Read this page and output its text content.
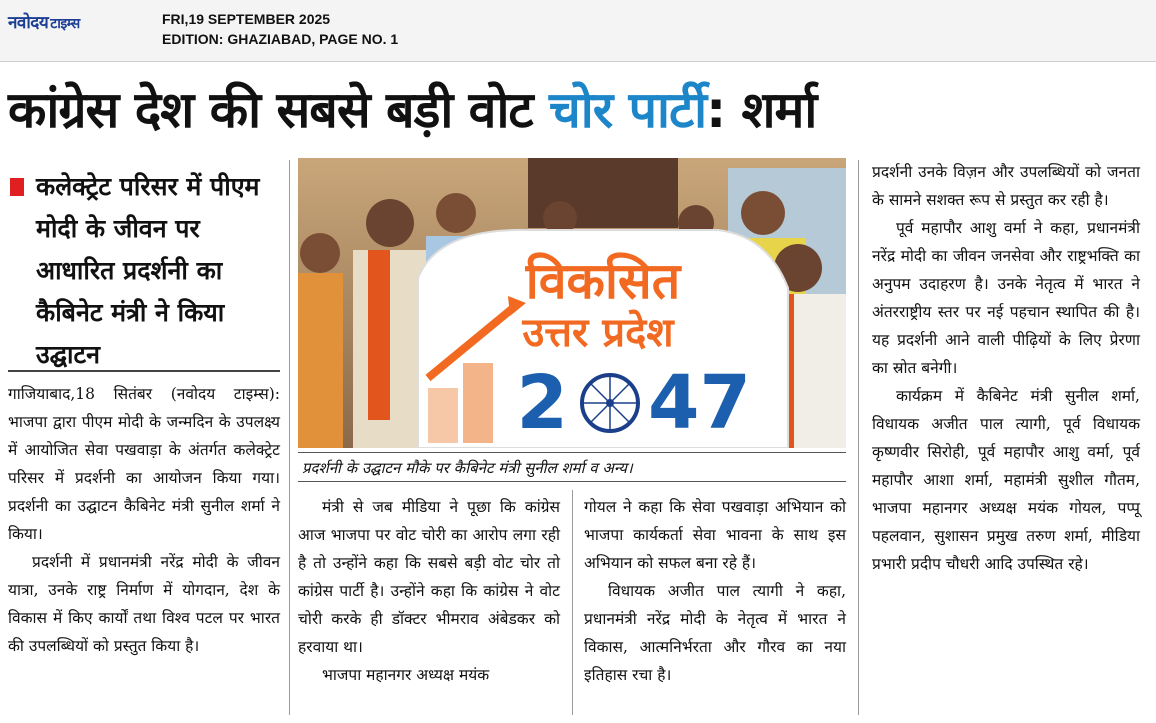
नवोदय टाइम्स	FRI,19 SEPTEMBER 2025
EDITION: GHAZIABAD, PAGE NO. 1
कांग्रेस देश की सबसे बड़ी वोट चोर पार्टी: शर्मा
कलेक्ट्रेट परिसर में पीएम मोदी के जीवन पर आधारित प्रदर्शनी का कैबिनेट मंत्री ने किया उद्घाटन

गाजियाबाद,18 सितंबर (नवोदय टाइम्स): भाजपा द्वारा पीएम मोदी के जन्मदिन के उपलक्ष्य में आयोजित सेवा पखवाड़ा के अंतर्गत कलेक्ट्रेट परिसर में प्रदर्शनी का आयोजन किया गया। प्रदर्शनी का उद्घाटन कैबिनेट मंत्री सुनील शर्मा ने किया।

प्रदर्शनी में प्रधानमंत्री नरेंद्र मोदी के जीवन यात्रा, उनके राष्ट्र निर्माण में योगदान, देश के विकास में किए कार्यों तथा विश्व पटल पर भारत की उपलब्धियों को प्रस्तुत किया है।

विकसित
उत्तर प्रदेश
2 47
प्रदर्शनी के उद्घाटन मौके पर कैबिनेट मंत्री सुनील शर्मा व अन्य।

मंत्री से जब मीडिया ने पूछा कि कांग्रेस आज भाजपा पर वोट चोरी का आरोप लगा रही है तो उन्होंने कहा कि सबसे बड़ी वोट चोर तो कांग्रेस पार्टी है। उन्होंने कहा कि कांग्रेस ने वोट चोरी करके ही डॉक्टर भीमराव अंबेडकर को हरवाया था।

भाजपा महानगर अध्यक्ष मयंक

गोयल ने कहा कि सेवा पखवाड़ा अभियान को भाजपा कार्यकर्ता सेवा भावना के साथ इस अभियान को सफल बना रहे हैं।

विधायक अजीत पाल त्यागी ने कहा, प्रधानमंत्री नरेंद्र मोदी के नेतृत्व में भारत ने विकास, आत्मनिर्भरता और गौरव का नया इतिहास रचा है।

प्रदर्शनी उनके विज़न और उपलब्धियों को जनता के सामने सशक्त रूप से प्रस्तुत कर रही है।

पूर्व महापौर आशु वर्मा ने कहा, प्रधानमंत्री नरेंद्र मोदी का जीवन जनसेवा और राष्ट्रभक्ति का अनुपम उदाहरण है। उनके नेतृत्व में भारत ने अंतरराष्ट्रीय स्तर पर नई पहचान स्थापित की है। यह प्रदर्शनी आने वाली पीढ़ियों के लिए प्रेरणा का स्रोत बनेगी।

कार्यक्रम में कैबिनेट मंत्री सुनील शर्मा, विधायक अजीत पाल त्यागी, पूर्व विधायक कृष्णवीर सिरोही, पूर्व महापौर आशु वर्मा, पूर्व महापौर आशा शर्मा, महामंत्री सुशील गौतम, भाजपा महानगर अध्यक्ष मयंक गोयल, पप्पू पहलवान, सुशासन प्रमुख तरुण शर्मा, मीडिया प्रभारी प्रदीप चौधरी आदि उपस्थित रहे।
